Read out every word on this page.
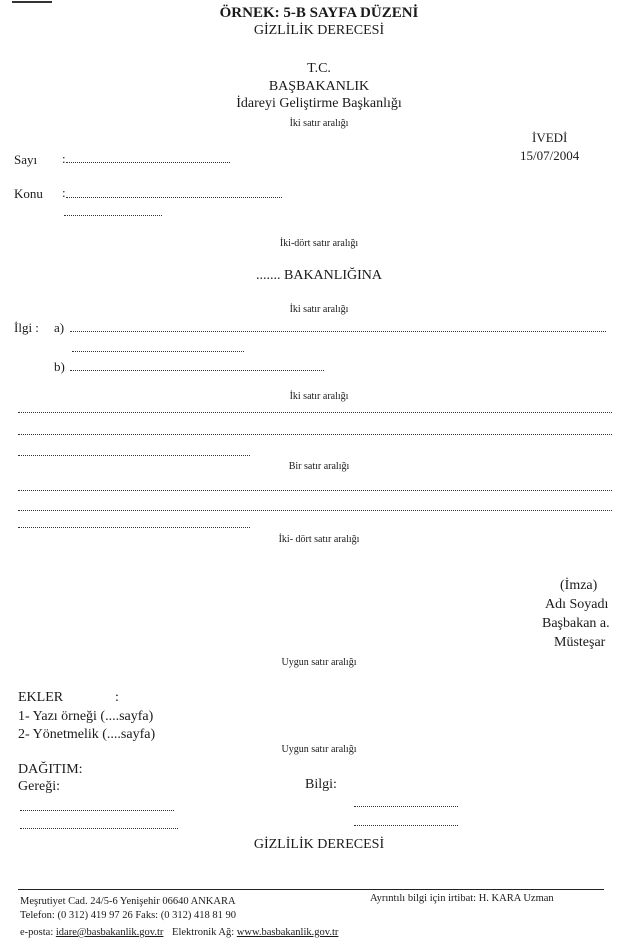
ÖRNEK: 5-B SAYFA DÜZENİ
GİZLİLİK DERECESİ
T.C.
BAŞBAKANLIK
İdareyi Geliştirme Başkanlığı
İki satır aralığı
İVEDİ
15/07/2004
Sayı :
Konu :
İki-dört satır aralığı
....... BAKANLIĞINA
İki satır aralığı
İlgi : a)
b)
İki satır aralığı
Bir satır aralığı
İki- dört satır aralığı
(İmza)
Adı Soyadı
Başbakan a.
Müsteşar
Uygun satır aralığı
EKLER	:
1- Yazı örneği (....sayfa)
2- Yönetmelik (....sayfa)
Uygun satır aralığı
DAĞITIM:
Gereği:	Bilgi:
GİZLİLİK DERECESİ
Meşrutiyet Cad. 24/5-6 Yenişehir 06640 ANKARA	Ayrıntılı bilgi için irtibat: H. KARA Uzman
Telefon: (0 312) 419 97 26 Faks: (0 312) 418 81 90
e-posta: idare@basbakanlik.gov.tr Elektronik Ağ: www.basbakanlik.gov.tr
